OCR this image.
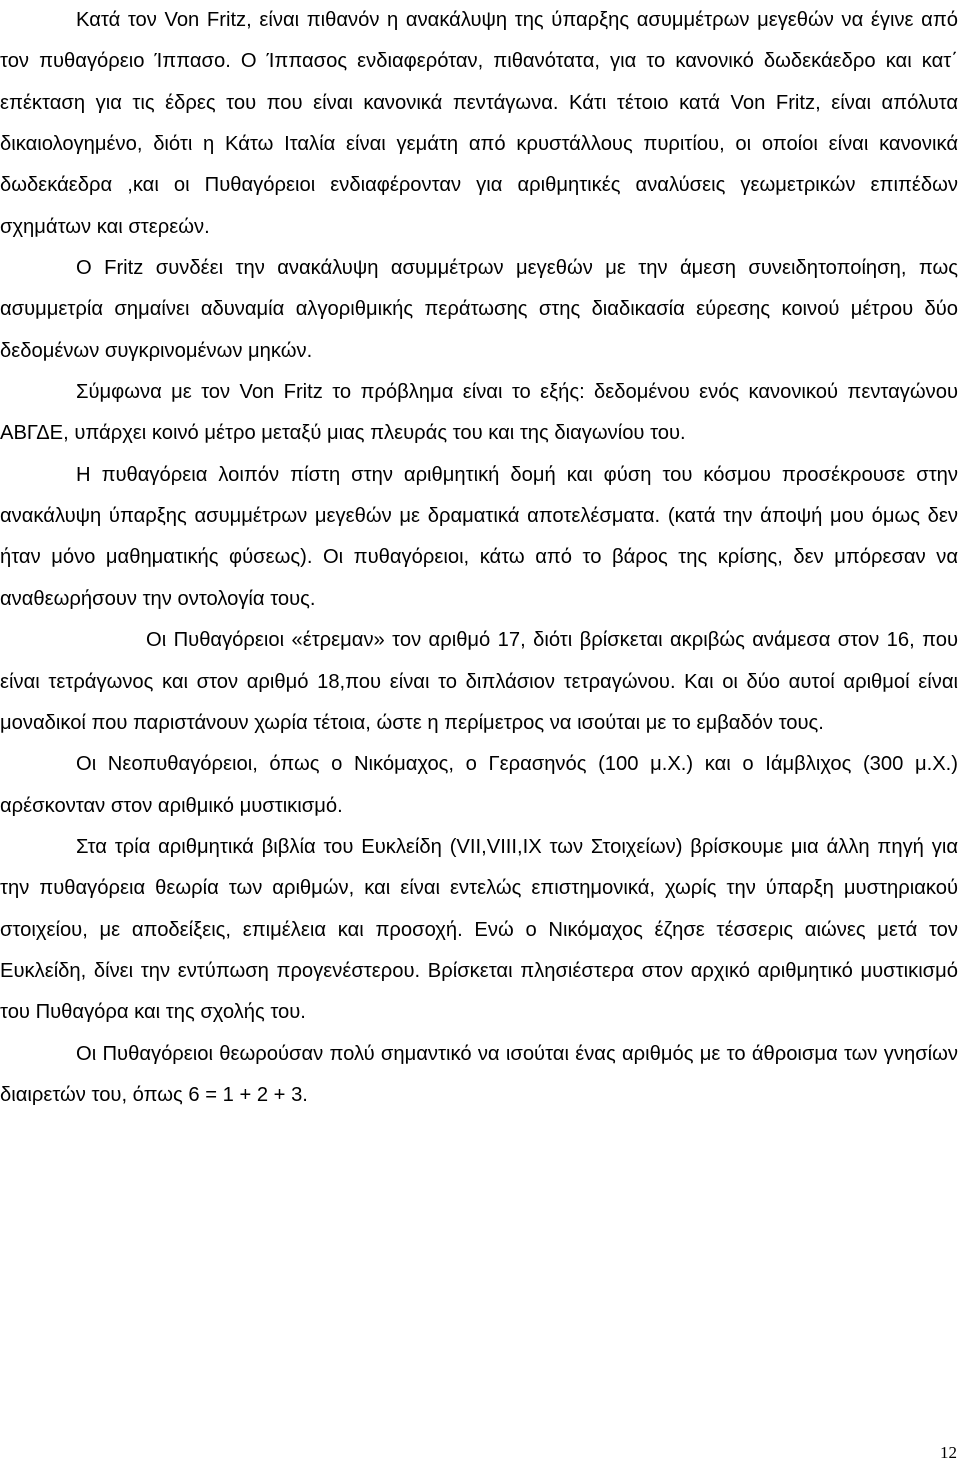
Κατά τον Von Fritz, είναι πιθανόν η ανακάλυψη της ύπαρξης ασυμμέτρων μεγεθών να έγινε από τον πυθαγόρειο Ίππασο. Ο Ίππασος ενδιαφερόταν, πιθανότατα, για το κανονικό δωδεκάεδρο και κατ΄ επέκταση για τις έδρες του που είναι κανονικά πεντάγωνα. Κάτι τέτοιο κατά Von Fritz, είναι απόλυτα δικαιολογημένο, διότι η Κάτω Ιταλία είναι γεμάτη από κρυστάλλους πυριτίου, οι οποίοι είναι κανονικά δωδεκάεδρα ,και οι Πυθαγόρειοι ενδιαφέρονταν για αριθμητικές αναλύσεις γεωμετρικών επιπέδων σχημάτων και στερεών.

Ο Fritz συνδέει την ανακάλυψη ασυμμέτρων μεγεθών με την άμεση συνειδητοποίηση, πως ασυμμετρία σημαίνει αδυναμία αλγοριθμικής περάτωσης στης διαδικασία εύρεσης κοινού μέτρου δύο δεδομένων συγκρινομένων μηκών.

Σύμφωνα με τον Von Fritz το πρόβλημα είναι το εξής: δεδομένου ενός κανονικού πενταγώνου ΑΒΓΔΕ, υπάρχει κοινό μέτρο μεταξύ μιας πλευράς του και της διαγωνίου του.

Η πυθαγόρεια λοιπόν πίστη στην αριθμητική δομή και φύση του κόσμου προσέκρουσε στην ανακάλυψη ύπαρξης ασυμμέτρων μεγεθών με δραματικά αποτελέσματα. (κατά την άποψή μου όμως δεν ήταν μόνο μαθηματικής φύσεως). Οι πυθαγόρειοι, κάτω από το βάρος της κρίσης, δεν μπόρεσαν να αναθεωρήσουν την οντολογία τους.

Οι Πυθαγόρειοι «έτρεμαν» τον αριθμό 17, διότι βρίσκεται ακριβώς ανάμεσα στον 16, που είναι τετράγωνος και στον αριθμό 18,που είναι το διπλάσιον τετραγώνου. Και οι δύο αυτοί αριθμοί είναι μοναδικοί που παριστάνουν χωρία τέτοια, ώστε η περίμετρος να ισούται με το εμβαδόν τους.

Οι Νεοπυθαγόρειοι, όπως ο Νικόμαχος, ο Γερασηνός (100 μ.Χ.) και ο Ιάμβλιχος (300 μ.Χ.) αρέσκονταν στον αριθμικό μυστικισμό.

Στα τρία αριθμητικά βιβλία του Ευκλείδη (VII,VIII,IX των Στοιχείων) βρίσκουμε μια άλλη πηγή για την πυθαγόρεια θεωρία των αριθμών, και είναι εντελώς επιστημονικά, χωρίς την ύπαρξη μυστηριακού στοιχείου, με αποδείξεις, επιμέλεια και προσοχή. Ενώ ο Νικόμαχος έζησε τέσσερις αιώνες μετά τον Ευκλείδη, δίνει την εντύπωση προγενέστερου. Βρίσκεται πλησιέστερα στον αρχικό αριθμητικό μυστικισμό του Πυθαγόρα και της σχολής του.

Οι Πυθαγόρειοι θεωρούσαν πολύ σημαντικό να ισούται ένας αριθμός με το άθροισμα των γνησίων διαιρετών του, όπως 6 = 1 + 2 + 3.

12
